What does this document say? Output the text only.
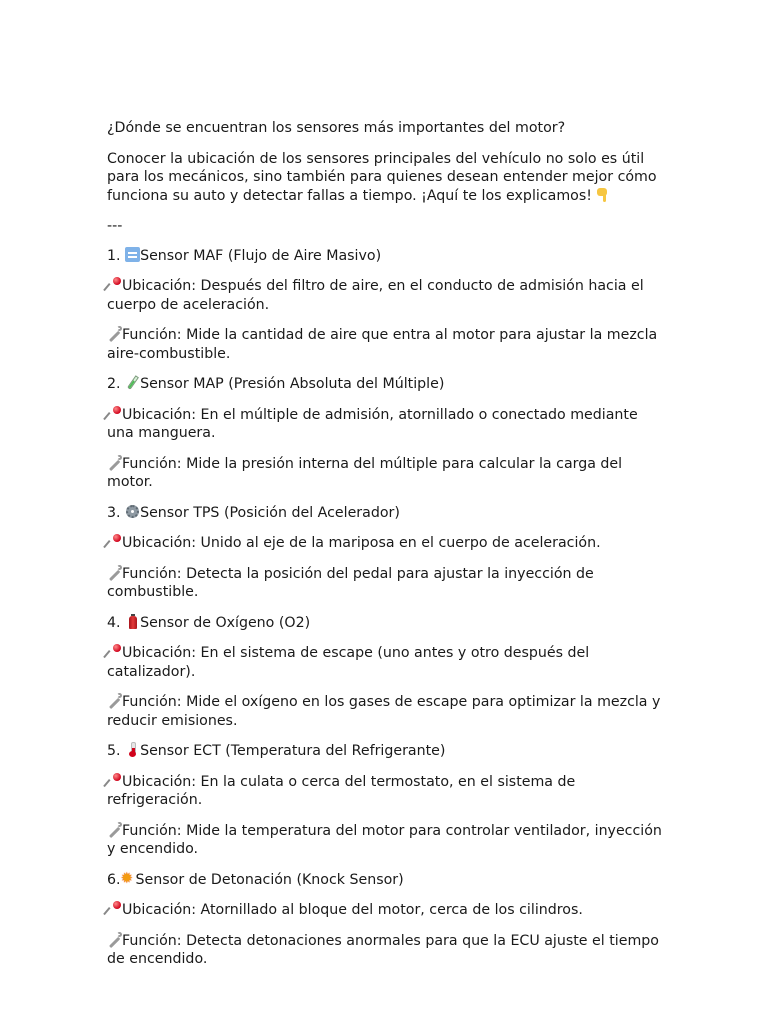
¿Dónde se encuentran los sensores más importantes del motor?

Conocer la ubicación de los sensores principales del vehículo no solo es útil para los mecánicos, sino también para quienes desean entender mejor cómo funciona su auto y detectar fallas a tiempo. ¡Aquí te los explicamos!

---

1. Sensor MAF (Flujo de Aire Masivo)

Ubicación: Después del filtro de aire, en el conducto de admisión hacia el cuerpo de aceleración.

Función: Mide la cantidad de aire que entra al motor para ajustar la mezcla aire-combustible.

2. Sensor MAP (Presión Absoluta del Múltiple)

Ubicación: En el múltiple de admisión, atornillado o conectado mediante una manguera.

Función: Mide la presión interna del múltiple para calcular la carga del motor.

3. Sensor TPS (Posición del Acelerador)

Ubicación: Unido al eje de la mariposa en el cuerpo de aceleración.

Función: Detecta la posición del pedal para ajustar la inyección de combustible.

4. Sensor de Oxígeno (O2)

Ubicación: En el sistema de escape (uno antes y otro después del catalizador).

Función: Mide el oxígeno en los gases de escape para optimizar la mezcla y reducir emisiones.

5. Sensor ECT (Temperatura del Refrigerante)

Ubicación: En la culata o cerca del termostato, en el sistema de refrigeración.

Función: Mide la temperatura del motor para controlar ventilador, inyección y encendido.

6.✹ Sensor de Detonación (Knock Sensor)

Ubicación: Atornillado al bloque del motor, cerca de los cilindros.

Función: Detecta detonaciones anormales para que la ECU ajuste el tiempo de encendido.
